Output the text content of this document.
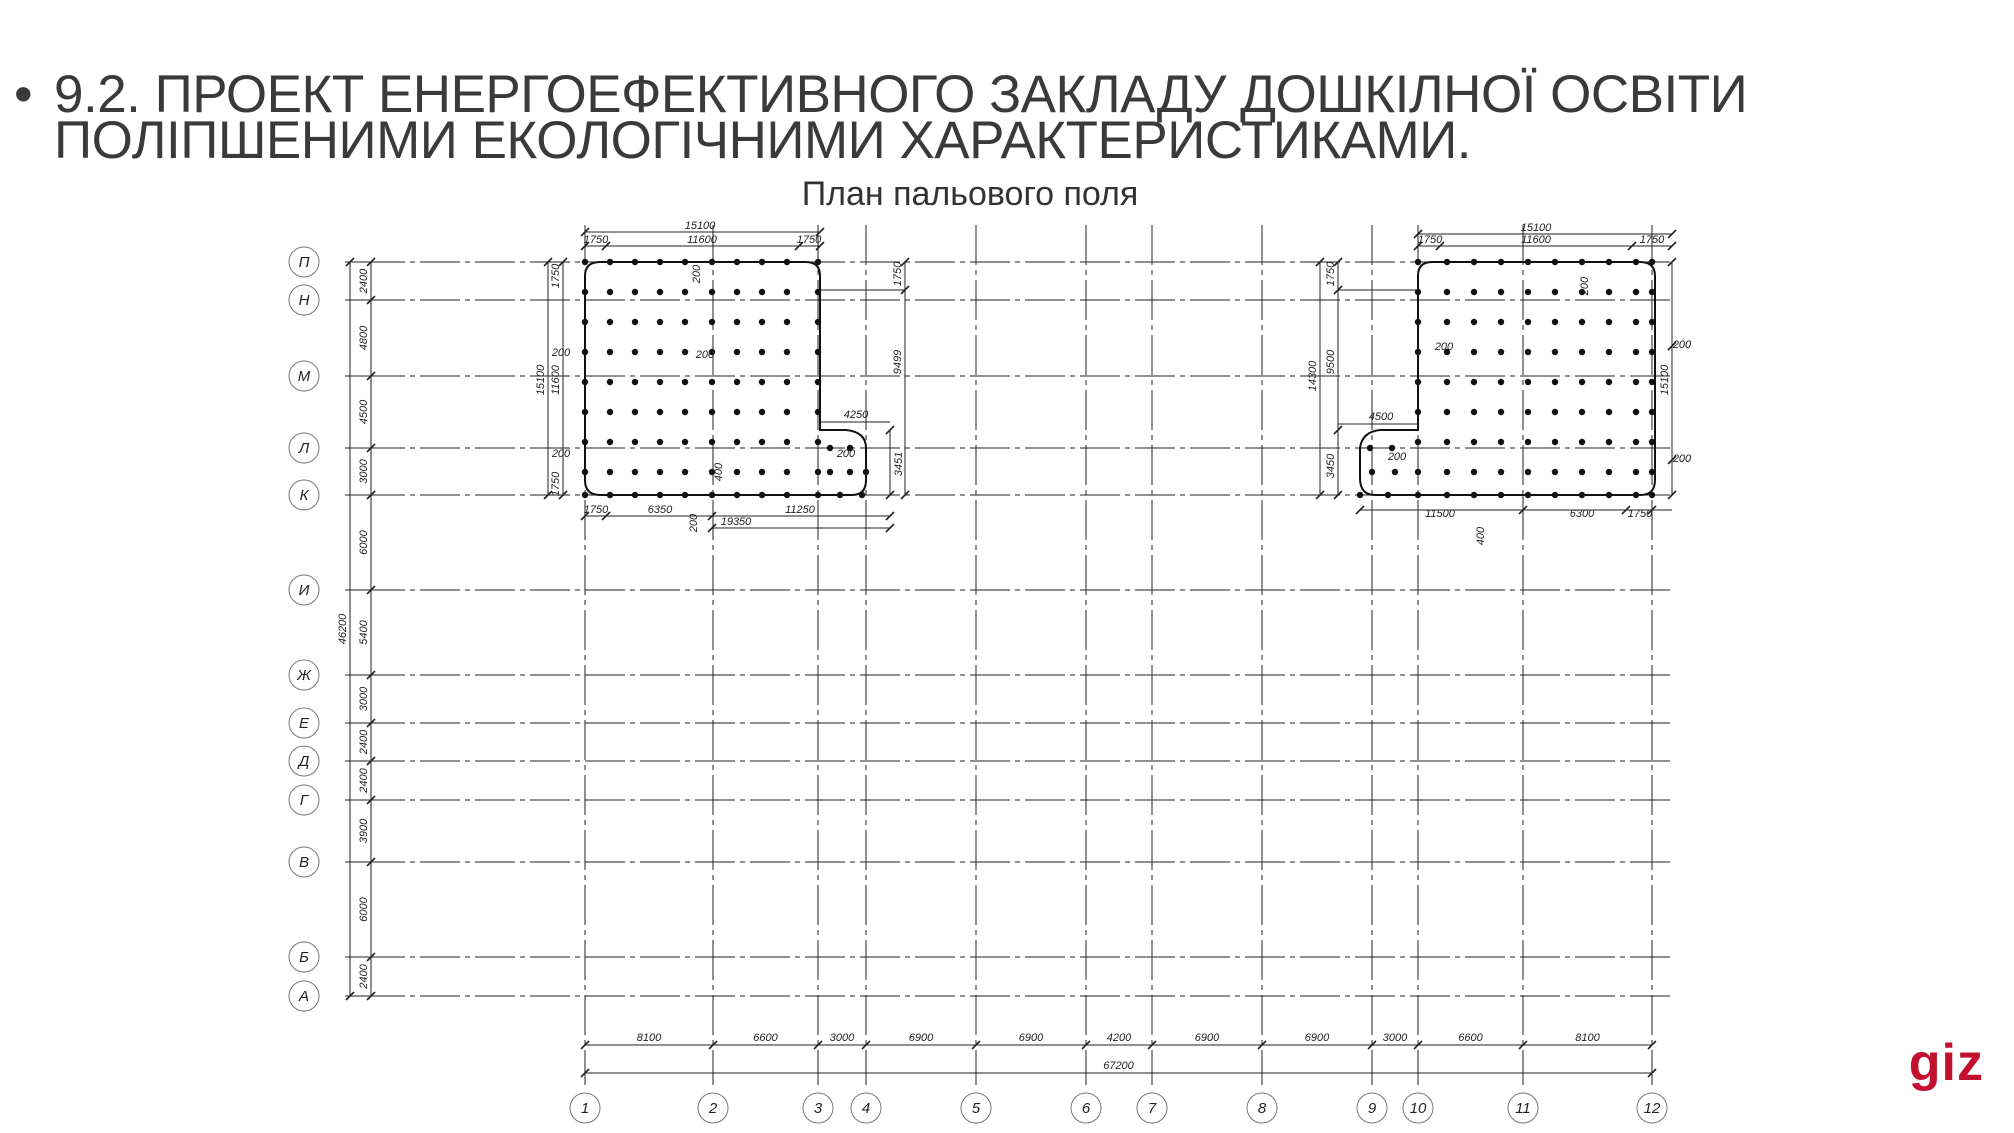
• 9.2. ПРОЕКТ ЕНЕРГОЕФЕКТИВНОГО ЗАКЛАДУ ДОШКІЛНОЇ ОСВІТИ
ПОЛІПШЕНИМИ ЕКОЛОГІЧНИМИ ХАРАКТЕРИСТИКАМИ.
План пальового поля
П
Н
М
Л
К
И
Ж
Е
Д
Г
В
Б
А
1	2	3	4	5	6	7	8	9 10	11	12
2400
4800
4500
3000
6000
5400
3000
2400
2400
3900
6000
2400
46200
8100	6600	3000	6900	6900	4200	6900	6900	3000	6600	8100
67200
15100
1750	11600	1750
1750
200
15100 11600
200
1750
1750
9499
4250
200	3451
200
200
400
1750	6350
200 19350
11250
15100
1750	11600	1750
1750
14300 9500
4500
200
3450
200
15100
200
200
200
11500
400
6300	1750
giz
